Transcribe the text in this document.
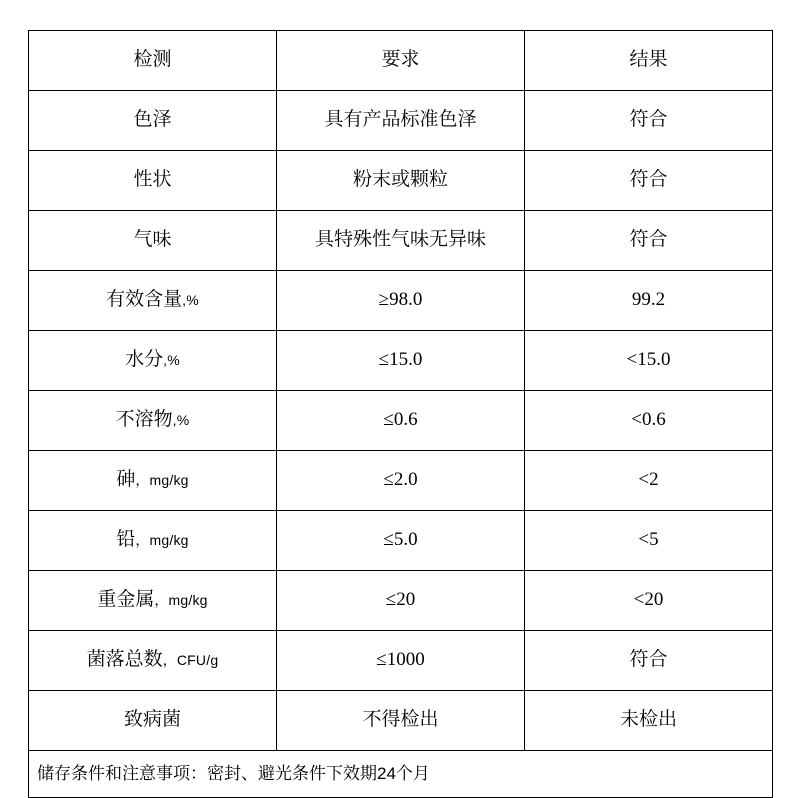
检测	要求	结果
色泽	具有产品标准色泽	符合
性状	粉末或颗粒	符合
气味	具特殊性气味无异味	符合
有效含量,%	≥98.0	99.2
水分,%	≤15.0	<15.0
不溶物,%	≤0.6	<0.6
砷，mg/kg	≤2.0	<2
铅，mg/kg	≤5.0	<5
重金属，mg/kg	≤20	<20
菌落总数，CFU/g	≤1000	符合
致病菌	不得检出	未检出
储存条件和注意事项：密封、避光条件下效期24个月		
